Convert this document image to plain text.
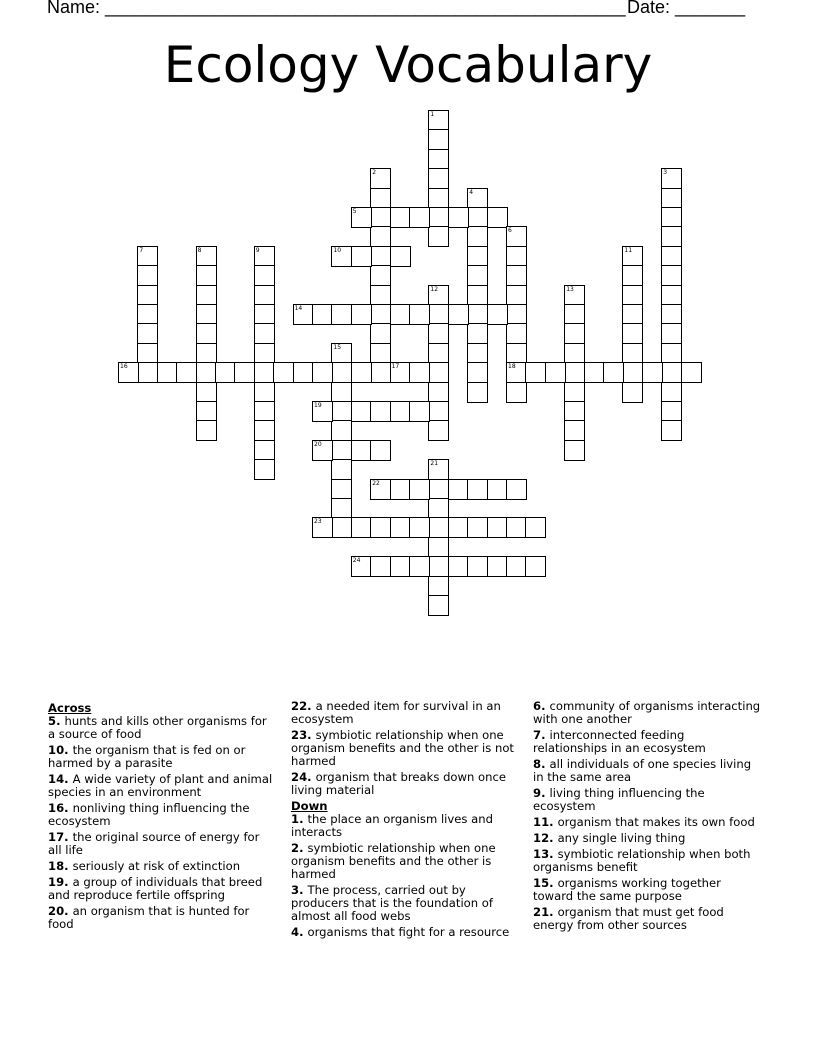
Name: ____________________________________________________ Date: _______
Ecology Vocabulary
1
2	3
4
5
6
18
7	8	9	10	11
12	13
14
15
16	17
19
20
21
22
23
24
Across
5. hunts and kills other organisms for a source of food
10. the organism that is fed on or harmed by a parasite
14. A wide variety of plant and animal species in an environment
16. nonliving thing influencing the ecosystem
17. the original source of energy for all life
18. seriously at risk of extinction
19. a group of individuals that breed and reproduce fertile offspring
20. an organism that is hunted for food
22. a needed item for survival in an ecosystem
23. symbiotic relationship when one organism benefits and the other is not harmed
24. organism that breaks down once living material
Down
1. the place an organism lives and interacts
2. symbiotic relationship when one organism benefits and the other is harmed
3. The process, carried out by producers that is the foundation of almost all food webs
4. organisms that fight for a resource
6. community of organisms interacting with one another
7. interconnected feeding relationships in an ecosystem
8. all individuals of one species living in the same area
9. living thing influencing the ecosystem
11. organism that makes its own food
12. any single living thing
13. symbiotic relationship when both organisms benefit
15. organisms working together toward the same purpose
21. organism that must get food energy from other sources
